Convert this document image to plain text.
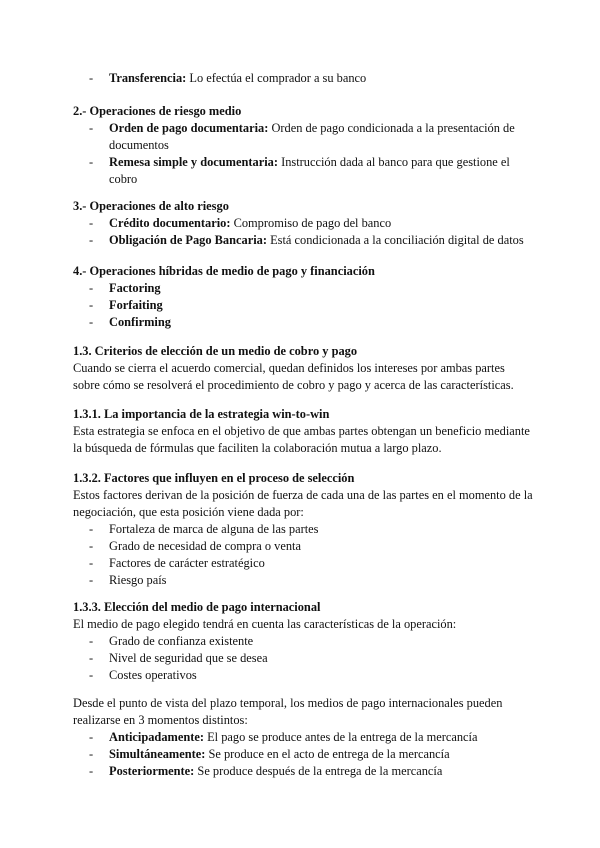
- Transferencia: Lo efectúa el comprador a su banco

2.- Operaciones de riesgo medio

- Orden de pago documentaria: Orden de pago condicionada a la presentación de documentos
- Remesa simple y documentaria: Instrucción dada al banco para que gestione el cobro

3.- Operaciones de alto riesgo

- Crédito documentario: Compromiso de pago del banco
- Obligación de Pago Bancaria: Está condicionada a la conciliación digital de datos

4.- Operaciones híbridas de medio de pago y financiación

- Factoring
- Forfaiting
- Confirming

1.3. Criterios de elección de un medio de cobro y pago

Cuando se cierra el acuerdo comercial, quedan definidos los intereses por ambas partes sobre cómo se resolverá el procedimiento de cobro y pago y acerca de las características.

1.3.1. La importancia de la estrategia win-to-win

Esta estrategia se enfoca en el objetivo de que ambas partes obtengan un beneficio mediante la búsqueda de fórmulas que faciliten la colaboración mutua a largo plazo.

1.3.2. Factores que influyen en el proceso de selección

Estos factores derivan de la posición de fuerza de cada una de las partes en el momento de la negociación, que esta posición viene dada por:

- Fortaleza de marca de alguna de las partes
- Grado de necesidad de compra o venta
- Factores de carácter estratégico
- Riesgo país

1.3.3. Elección del medio de pago internacional

El medio de pago elegido tendrá en cuenta las características de la operación:

- Grado de confianza existente
- Nivel de seguridad que se desea
- Costes operativos

Desde el punto de vista del plazo temporal, los medios de pago internacionales pueden realizarse en 3 momentos distintos:

- Anticipadamente: El pago se produce antes de la entrega de la mercancía
- Simultáneamente: Se produce en el acto de entrega de la mercancía
- Posteriormente: Se produce después de la entrega de la mercancía
